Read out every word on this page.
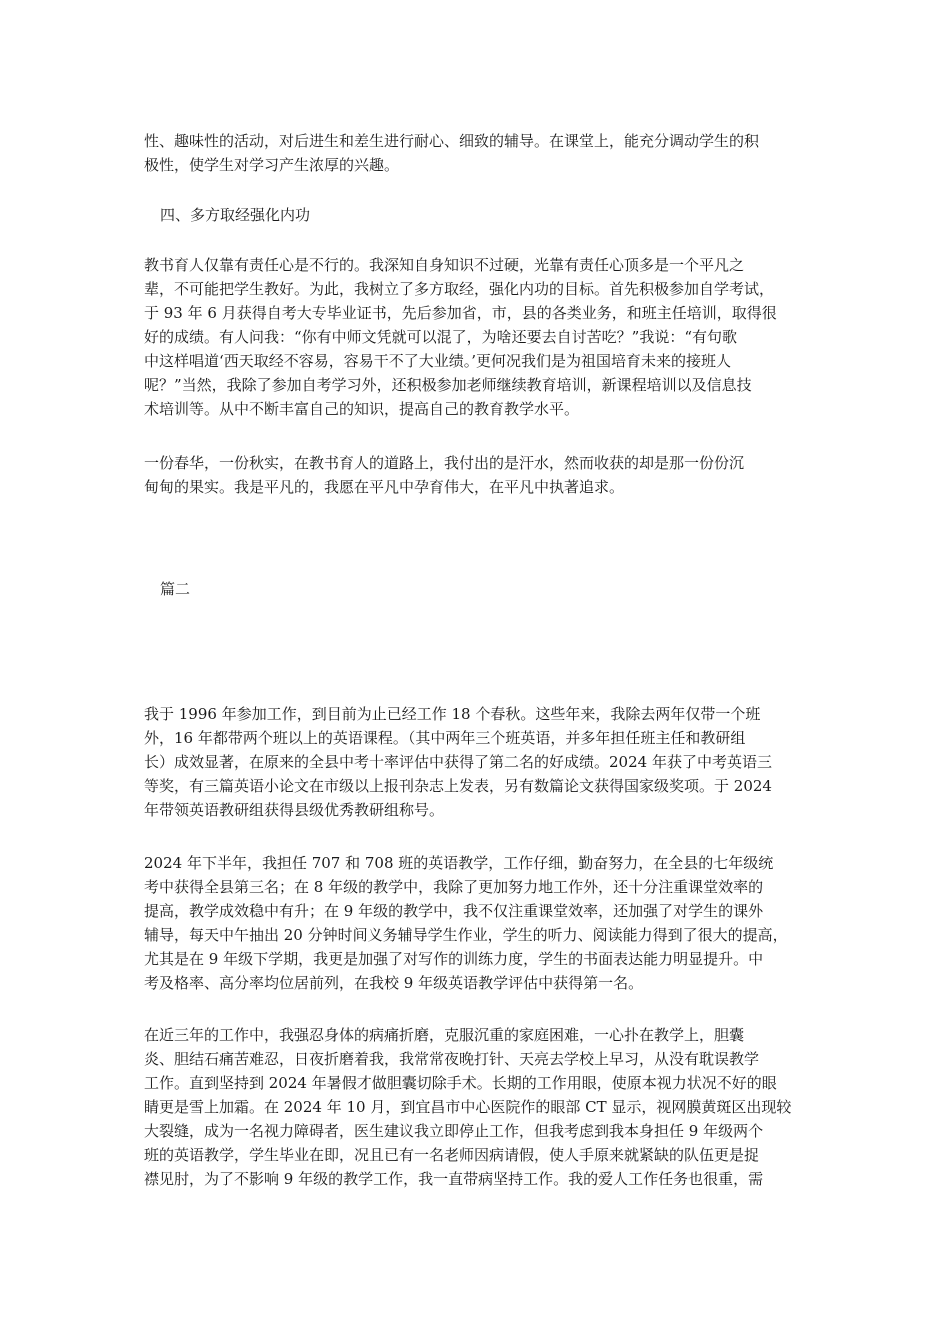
性、趣味性的活动，对后进生和差生进行耐心、细致的辅导。在课堂上，能充分调动学生的积
极性，使学生对学习产生浓厚的兴趣。
四、多方取经强化内功
教书育人仅靠有责任心是不行的。我深知自身知识不过硬，光靠有责任心顶多是一个平凡之
辈，不可能把学生教好。为此，我树立了多方取经，强化内功的目标。首先积极参加自学考试，
于 93 年 6 月获得自考大专毕业证书，先后参加省，市，县的各类业务，和班主任培训，取得很
好的成绩。有人问我：“你有中师文凭就可以混了，为啥还要去自讨苦吃？”我说：“有句歌
中这样唱道‘西天取经不容易，容易干不了大业绩。’更何况我们是为祖国培育未来的接班人
呢？”当然，我除了参加自考学习外，还积极参加老师继续教育培训，新课程培训以及信息技
术培训等。从中不断丰富自己的知识，提高自己的教育教学水平。
一份春华，一份秋实，在教书育人的道路上，我付出的是汗水，然而收获的却是那一份份沉
甸甸的果实。我是平凡的，我愿在平凡中孕育伟大，在平凡中执著追求。
篇二
我于 1996 年参加工作，到目前为止已经工作 18 个春秋。这些年来，我除去两年仅带一个班
外，16 年都带两个班以上的英语课程。（其中两年三个班英语，并多年担任班主任和教研组
长）成效显著，在原来的全县中考十率评估中获得了第二名的好成绩。2024 年获了中考英语三
等奖，有三篇英语小论文在市级以上报刊杂志上发表，另有数篇论文获得国家级奖项。于 2024
年带领英语教研组获得县级优秀教研组称号。
2024 年下半年，我担任 707 和 708 班的英语教学，工作仔细，勤奋努力，在全县的七年级统
考中获得全县第三名；在 8 年级的教学中，我除了更加努力地工作外，还十分注重课堂效率的
提高，教学成效稳中有升；在 9 年级的教学中，我不仅注重课堂效率，还加强了对学生的课外
辅导，每天中午抽出 20 分钟时间义务辅导学生作业，学生的听力、阅读能力得到了很大的提高，
尤其是在 9 年级下学期，我更是加强了对写作的训练力度，学生的书面表达能力明显提升。中
考及格率、高分率均位居前列，在我校 9 年级英语教学评估中获得第一名。
在近三年的工作中，我强忍身体的病痛折磨，克服沉重的家庭困难，一心扑在教学上，胆囊
炎、胆结石痛苦难忍，日夜折磨着我，我常常夜晚打针、天亮去学校上早习，从没有耽误教学
工作。直到坚持到 2024 年暑假才做胆囊切除手术。长期的工作用眼，使原本视力状况不好的眼
睛更是雪上加霜。在 2024 年 10 月，到宜昌市中心医院作的眼部 CT 显示，视网膜黄斑区出现较
大裂缝，成为一名视力障碍者，医生建议我立即停止工作，但我考虑到我本身担任 9 年级两个
班的英语教学，学生毕业在即，况且已有一名老师因病请假，使人手原来就紧缺的队伍更是捉
襟见肘，为了不影响 9 年级的教学工作，我一直带病坚持工作。我的爱人工作任务也很重，需
